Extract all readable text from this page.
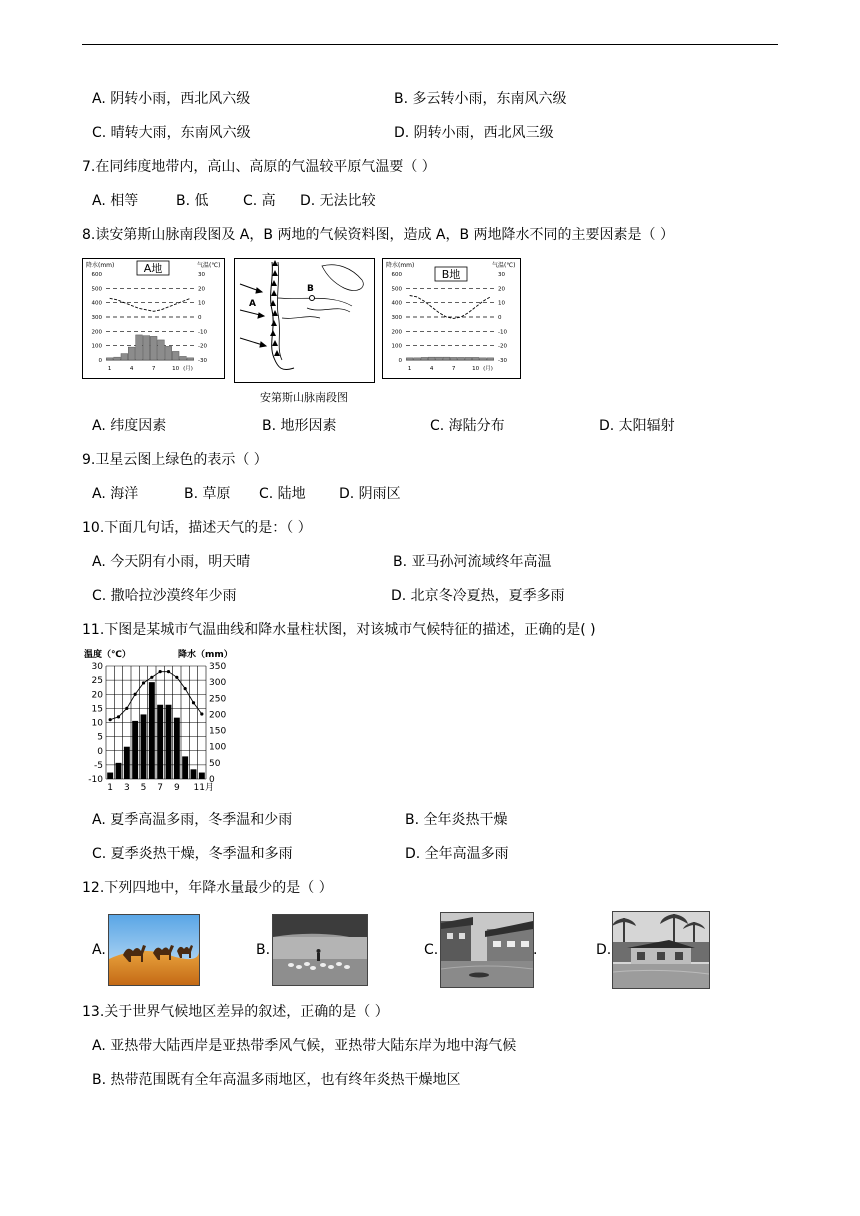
A. 阴转小雨，西北风六级	B. 多云转小雨，东南风六级
C. 晴转大雨，东南风六级	D. 阴转小雨，西北风三级
7.在同纬度地带内，高山、高原的气温较平原气温要（ ）
A. 相等	B. 低 C. 高 D. 无法比较
8.读安第斯山脉南段图及 A，B 两地的气候资料图，造成 A，B 两地降水不同的主要因素是（ ）
降水(mm)	气温(℃)
A地
600
500
400
300
200
100
0
30
20
10
0
-10
-20
-30
1	4	7	10 (月)
B
A
安第斯山脉南段图
降水(mm)	气温(℃)
B地
600
500
400
300
200
100
0
30
20
10
0
-10
-20
-30
1	4	7	10 (月)
A. 纬度因素	B. 地形因素	C. 海陆分布	D. 太阳辐射
9.卫星云图上绿色的表示（ ）
A. 海洋	B. 草原 C. 陆地 D. 阴雨区
10.下面几句话，描述天气的是：（ ）
A. 今天阴有小雨，明天晴	B. 亚马孙河流域终年高温
C. 撒哈拉沙漠终年少雨	D. 北京冬冷夏热，夏季多雨
11.下图是某城市气温曲线和降水量柱状图，对该城市气候特征的描述，正确的是( )
温度（℃）	降水（mm）
30
25
20
15
10
5
0
-5
-10
350
300
250
200
150
100
50
0
1 3 5 7 9 11月
A. 夏季高温多雨，冬季温和少雨	B. 全年炎热干燥
C. 夏季炎热干燥，冬季温和多雨	D. 全年高温多雨
12.下列四地中，年降水量最少的是（ ）
A.	B.	C.	.	D.
13.关于世界气候地区差异的叙述，正确的是（ ）
A. 亚热带大陆西岸是亚热带季风气候，亚热带大陆东岸为地中海气候
B. 热带范围既有全年高温多雨地区，也有终年炎热干燥地区
